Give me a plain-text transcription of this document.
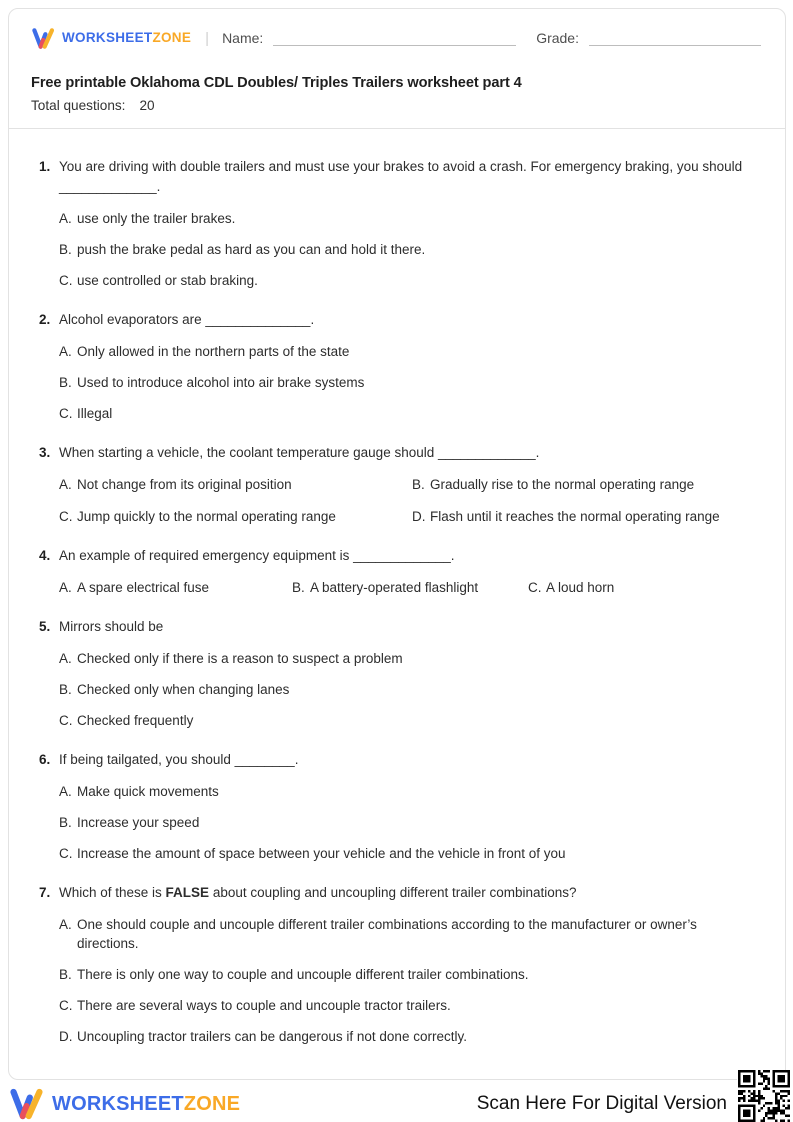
WORKSHEETZONE | Name:	Grade:
Free printable Oklahoma CDL Doubles/ Triples Trailers worksheet part 4
Total questions: 20
1. You are driving with double trailers and must use your brakes to avoid a crash. For emergency braking, you should _____________.
A. use only the trailer brakes.
B. push the brake pedal as hard as you can and hold it there.
C. use controlled or stab braking.
2. Alcohol evaporators are ______________.
A. Only allowed in the northern parts of the state
B. Used to introduce alcohol into air brake systems
C. Illegal
3. When starting a vehicle, the coolant temperature gauge should _____________.
A. Not change from its original position	B. Gradually rise to the normal operating range
C. Jump quickly to the normal operating range	D. Flash until it reaches the normal operating range
4. An example of required emergency equipment is _____________.
A. A spare electrical fuse	B. A battery-operated flashlight	C. A loud horn
5. Mirrors should be
A. Checked only if there is a reason to suspect a problem
B. Checked only when changing lanes
C. Checked frequently
6. If being tailgated, you should ________.
A. Make quick movements
B. Increase your speed
C. Increase the amount of space between your vehicle and the vehicle in front of you
7. Which of these is FALSE about coupling and uncoupling different trailer combinations?
A. One should couple and uncouple different trailer combinations according to the manufacturer or owner’s directions.
B. There is only one way to couple and uncouple different trailer combinations.
C. There are several ways to couple and uncouple tractor trailers.
D. Uncoupling tractor trailers can be dangerous if not done correctly.
WORKSHEETZONE	Scan Here For Digital Version
